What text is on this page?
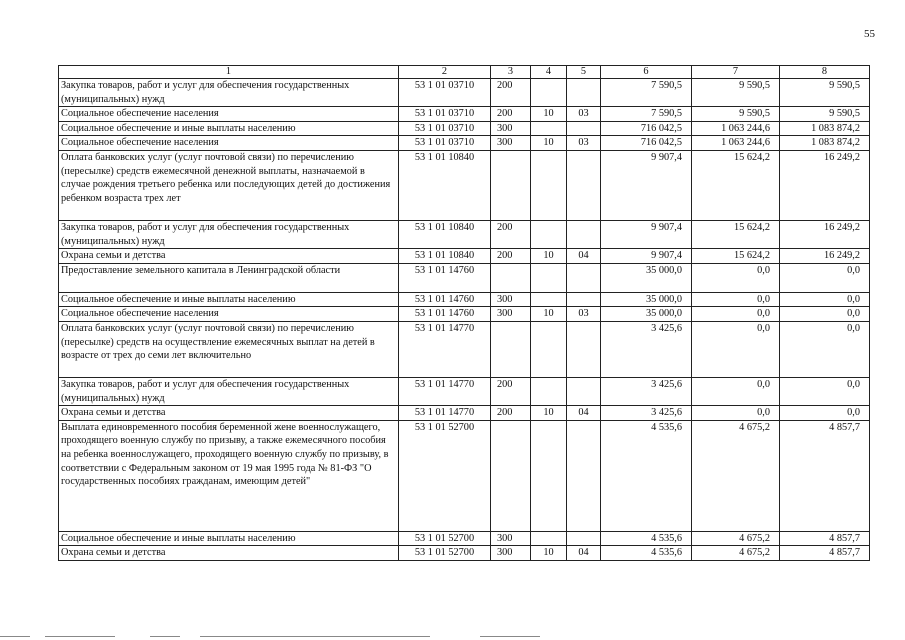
55
1	2	3	4	5	6	7	8
Закупка товаров, работ и услуг для обеспечения государственных (муниципальных) нужд	53 1 01 03710	200			7 590,5	9 590,5	9 590,5
Социальное обеспечение населения	53 1 01 03710	200	10	03	7 590,5	9 590,5	9 590,5
Социальное обеспечение и иные выплаты населению	53 1 01 03710	300			716 042,5	1 063 244,6	1 083 874,2
Социальное обеспечение населения	53 1 01 03710	300	10	03	716 042,5	1 063 244,6	1 083 874,2
Оплата банковских услуг (услуг почтовой связи) по перечислению (пересылке) средств ежемесячной денежной выплаты, назначаемой в случае рождения третьего ребенка или последующих детей до достижения ребенком возраста трех лет	53 1 01 10840				9 907,4	15 624,2	16 249,2
Закупка товаров, работ и услуг для обеспечения государственных (муниципальных) нужд	53 1 01 10840	200			9 907,4	15 624,2	16 249,2
Охрана семьи и детства	53 1 01 10840	200	10	04	9 907,4	15 624,2	16 249,2
Предоставление земельного капитала в Ленинградской области	53 1 01 14760				35 000,0	0,0	0,0
Социальное обеспечение и иные выплаты населению	53 1 01 14760	300			35 000,0	0,0	0,0
Социальное обеспечение населения	53 1 01 14760	300	10	03	35 000,0	0,0	0,0
Оплата банковских услуг (услуг почтовой связи) по перечислению (пересылке) средств на осуществление ежемесячных выплат на детей в возрасте от трех до семи лет включительно	53 1 01 14770				3 425,6	0,0	0,0
Закупка товаров, работ и услуг для обеспечения государственных (муниципальных) нужд	53 1 01 14770	200			3 425,6	0,0	0,0
Охрана семьи и детства	53 1 01 14770	200	10	04	3 425,6	0,0	0,0
Выплата единовременного пособия беременной жене военнослужащего, проходящего военную службу по призыву, а также ежемесячного пособия на ребенка военнослужащего, проходящего военную службу по призыву, в соответствии с Федеральным законом от 19 мая 1995 года № 81-ФЗ "О государственных пособиях гражданам, имеющим детей"	53 1 01 52700				4 535,6	4 675,2	4 857,7
Социальное обеспечение и иные выплаты населению	53 1 01 52700	300			4 535,6	4 675,2	4 857,7
Охрана семьи и детства	53 1 01 52700	300	10	04	4 535,6	4 675,2	4 857,7
